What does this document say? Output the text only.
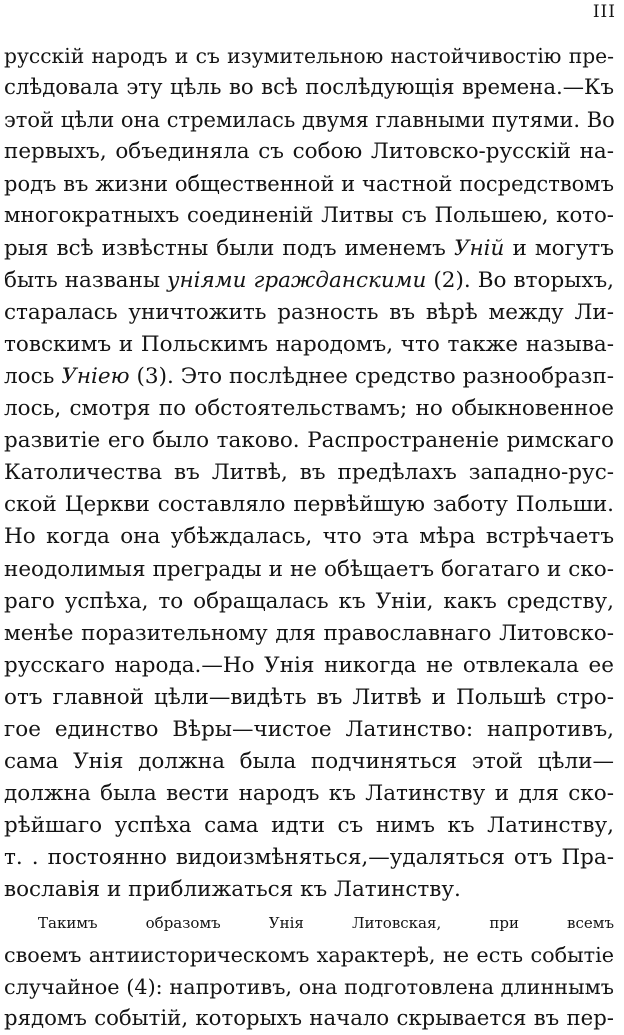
III
русскій народъ и съ изумительною настойчивостію пре-
слѣдовала эту цѣль во всѣ послѣдующія времена.—Къ
этой цѣли она стремилась двумя главными путями. Во
первыхъ, объединяла съ собою Литовско-русскій на-
родъ въ жизни общественной и частной посредствомъ
многократныхъ соединеній Литвы съ Польшею, кото-
рыя всѣ извѣстны были подъ именемъ Уній и могутъ
быть названы уніями гражданскими (2). Во вторыхъ,
старалась уничтожить разность въ вѣрѣ между Ли-
товскимъ и Польскимъ народомъ, что также называ-
лось Уніею (3). Это послѣднее средство разнообразп-
лось, смотря по обстоятельствамъ; но обыкновенное
развитіе его было таково. Распространеніе римскаго
Католичества въ Литвѣ, въ предѣлахъ западно-рус-
ской Церкви составляло первѣйшую заботу Польши.
Но когда она убѣждалась, что эта мѣра встрѣчаетъ
неодолимыя преграды и не обѣщаетъ богатаго и ско-
раго успѣха, то обращалась къ Уніи, какъ средству,
менѣе поразительному для православнаго Литовско-
русскаго народа.—Но Унія никогда не отвлекала ее
отъ главной цѣли—видѣть въ Литвѣ и Польшѣ стро-
гое единство Вѣры—чистое Латинство: напротивъ,
сама Унія должна была подчиняться этой цѣли—
должна была вести народъ къ Латинству и для ско-
рѣйшаго успѣха сама идти съ нимъ къ Латинству,
т. . постоянно видоизмѣняться,—удаляться отъ Пра-
вославія и приближаться къ Латинству.
Такимъ образомъ Унія Литовская, при всемъ
своемъ антиисторическомъ характерѣ, не есть событіе
случайное (4): напротивъ, она подготовлена длиннымъ
рядомъ событій, которыхъ начало скрывается въ пер-
